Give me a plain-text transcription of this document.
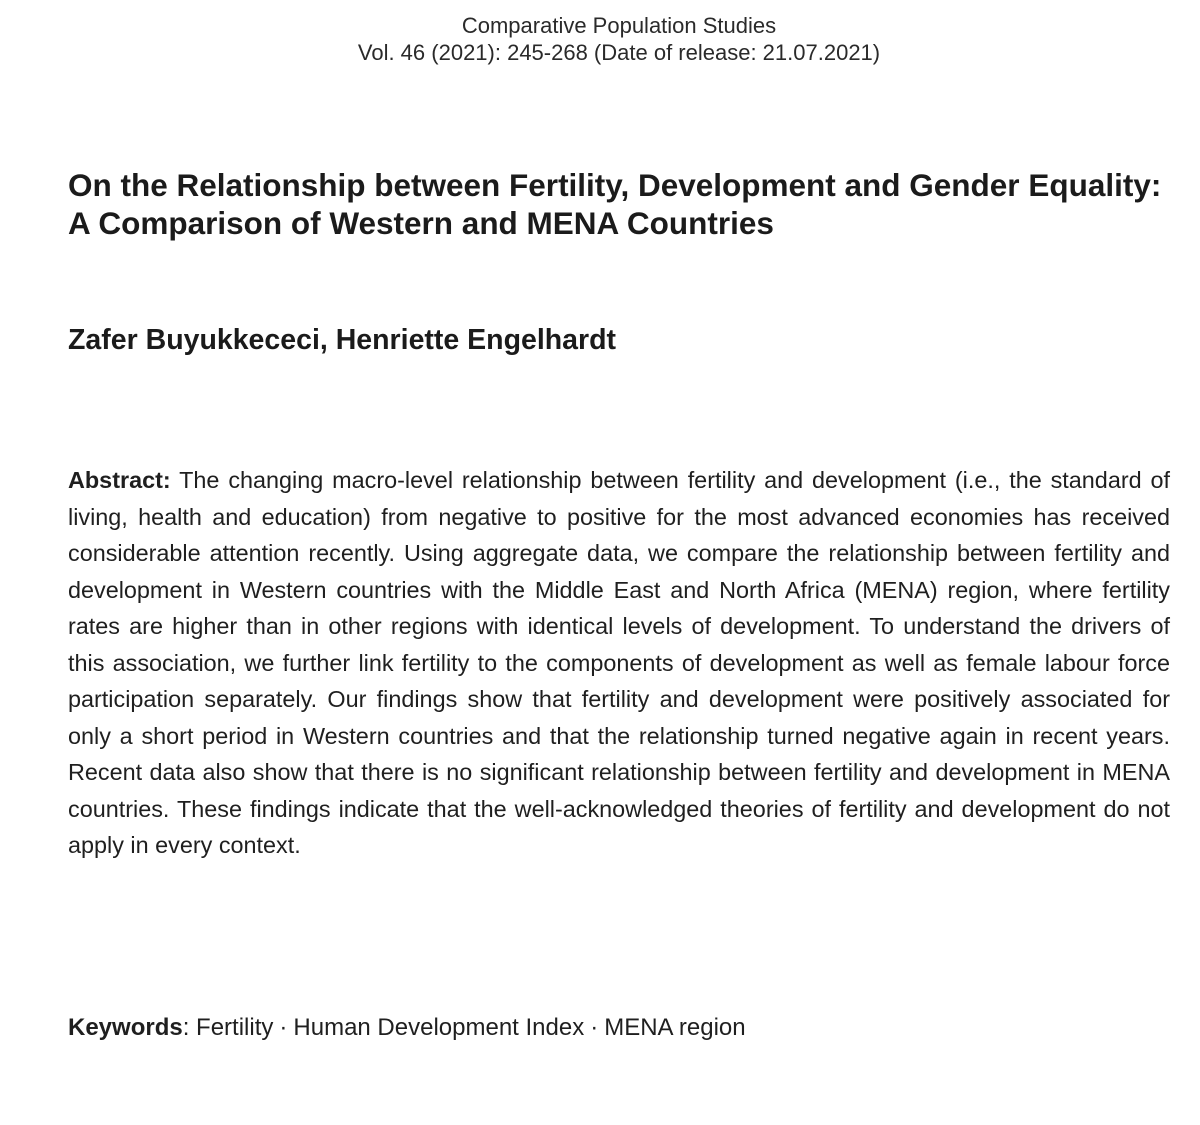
Comparative Population Studies
Vol. 46 (2021): 245-268 (Date of release: 21.07.2021)
On the Relationship between Fertility, Development and Gender Equality: A Comparison of Western and MENA Countries
Zafer Buyukkececi, Henriette Engelhardt

Abstract: The changing macro-level relationship between fertility and development (i.e., the standard of living, health and education) from negative to positive for the most advanced economies has received considerable attention recently. Using aggregate data, we compare the relationship between fertility and development in Western countries with the Middle East and North Africa (MENA) region, where fertility rates are higher than in other regions with identical levels of development. To understand the drivers of this association, we further link fertility to the components of development as well as female labour force participation separately. Our findings show that fertility and development were positively associated for only a short period in Western countries and that the relationship turned negative again in recent years. Recent data also show that there is no significant relationship between fertility and development in MENA countries. These findings indicate that the well-acknowledged theories of fertility and development do not apply in every context.

Keywords: Fertility · Human Development Index · MENA region
